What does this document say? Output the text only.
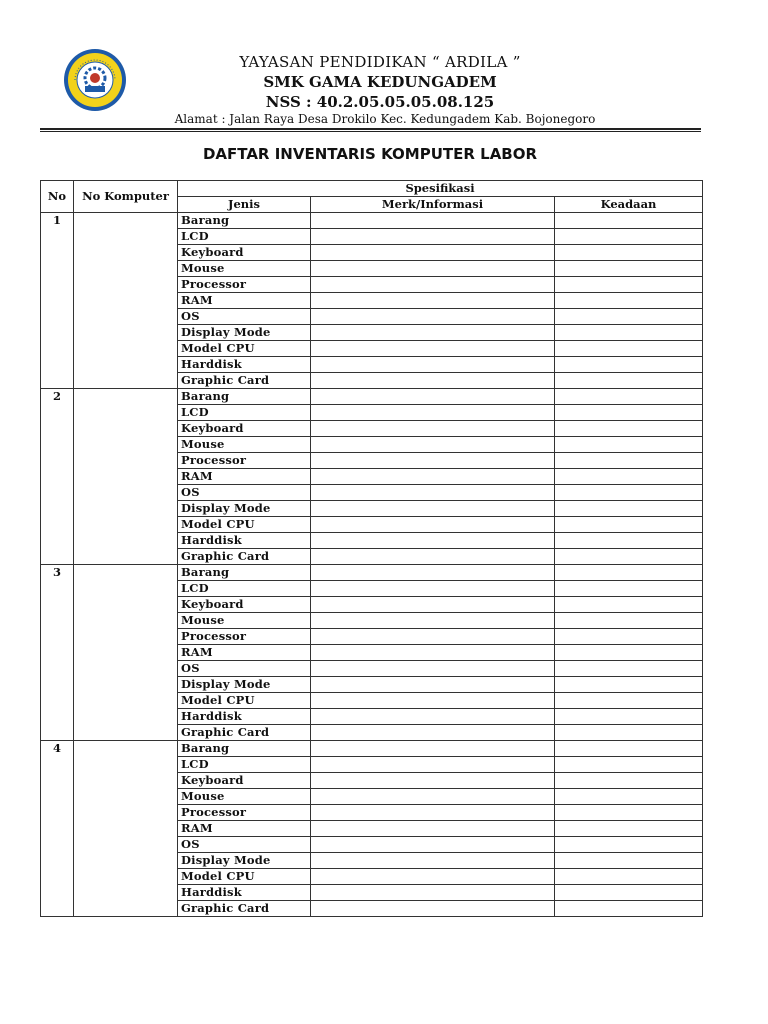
YAYASAN PENDIDIKAN “ ARDILA ”
SMK GAMA KEDUNGADEM
NSS : 40.2.05.05.05.08.125
Alamat : Jalan Raya Desa Drokilo Kec. Kedungadem Kab. Bojonegoro
DAFTAR INVENTARIS KOMPUTER LABOR
No	No Komputer	Spesifikasi		
		Jenis	Merk/Informasi	Keadaan
1		Barang		
		LCD		
		Keyboard		
		Mouse		
		Processor		
		RAM		
		OS		
		Display Mode		
		Model CPU		
		Harddisk		
		Graphic Card		
2		Barang		
		LCD		
		Keyboard		
		Mouse		
		Processor		
		RAM		
		OS		
		Display Mode		
		Model CPU		
		Harddisk		
		Graphic Card		
3		Barang		
		LCD		
		Keyboard		
		Mouse		
		Processor		
		RAM		
		OS		
		Display Mode		
		Model CPU		
		Harddisk		
		Graphic Card		
4		Barang		
		LCD		
		Keyboard		
		Mouse		
		Processor		
		RAM		
		OS		
		Display Mode		
		Model CPU		
		Harddisk		
		Graphic Card		
